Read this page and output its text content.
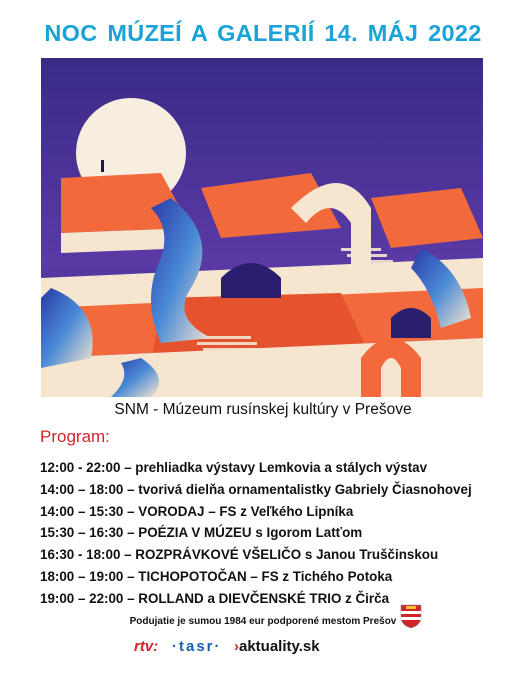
NOC MÚZEÍ A GALERIÍ 14. MÁJ 2022
SNM - Múzeum rusínskej kultúry v Prešove
Program:
12:00 - 22:00 – prehliadka výstavy Lemkovia a stálych výstav
14:00 – 18:00 – tvorivá dielňa ornamentalistky Gabriely Čiasnohovej
14:00 – 15:30 – VORODAJ – FS z Veľkého Lipníka
15:30 – 16:30 – POÉZIA V MÚZEU s Igorom Latťom
16:30 - 18:00 – ROZPRÁVKOVÉ VŠELIČO s Janou Truščinskou
18:00 – 19:00 – TICHOPOTOČAN – FS z Tichého Potoka
19:00 – 22:00 – ROLLAND a DIEVČENSKÉ TRIO z Čirča
Podujatie je sumou 1984 eur podporené mestom Prešov
rtv: ·tasr· ›aktuality.sk
